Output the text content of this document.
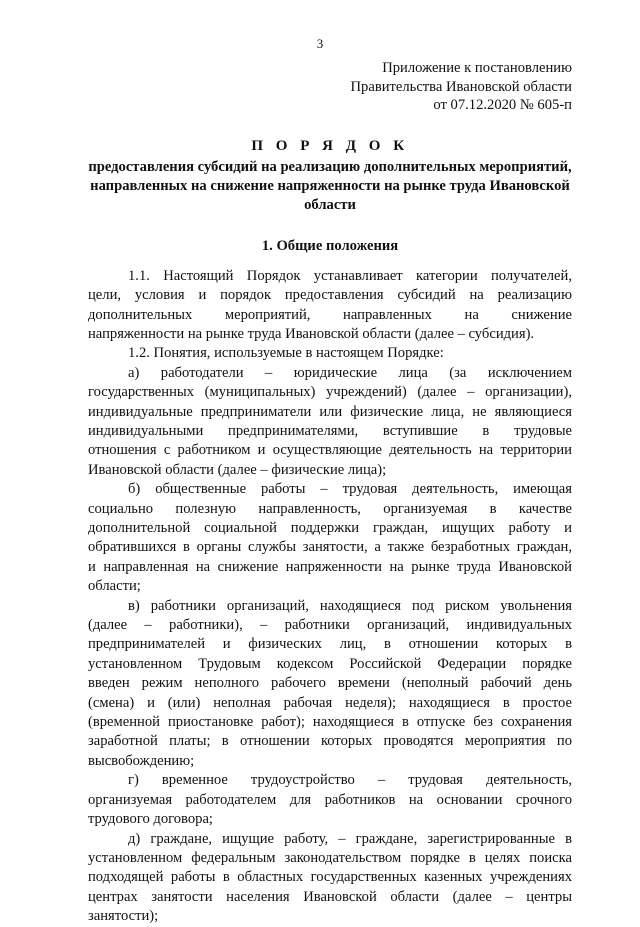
3
Приложение к постановлению
Правительства Ивановской области
от 07.12.2020 № 605-п
П О Р Я Д О К
предоставления субсидий на реализацию дополнительных мероприятий, направленных на снижение напряженности на рынке труда Ивановской области
1. Общие положения
1.1. Настоящий Порядок устанавливает категории получателей,
цели, условия и порядок предоставления субсидий на реализацию
дополнительных мероприятий, направленных на снижение
напряженности на рынке труда Ивановской области (далее – субсидия).
1.2. Понятия, используемые в настоящем Порядке:
а) работодатели – юридические лица (за исключением
государственных (муниципальных) учреждений) (далее – организации),
индивидуальные предприниматели или физические лица, не являющиеся
индивидуальными предпринимателями, вступившие в трудовые
отношения с работником и осуществляющие деятельность на территории
Ивановской области (далее – физические лица);
б) общественные работы – трудовая деятельность, имеющая
социально полезную направленность, организуемая в качестве
дополнительной социальной поддержки граждан, ищущих работу и
обратившихся в органы службы занятости, а также безработных граждан,
и направленная на снижение напряженности на рынке труда Ивановской
области;
в) работники организаций, находящиеся под риском увольнения
(далее – работники), – работники организаций, индивидуальных
предпринимателей и физических лиц, в отношении которых в
установленном Трудовым кодексом Российской Федерации порядке
введен режим неполного рабочего времени (неполный рабочий день
(смена) и (или) неполная рабочая неделя); находящиеся в простое
(временной приостановке работ); находящиеся в отпуске без сохранения
заработной платы; в отношении которых проводятся мероприятия по
высвобождению;
г) временное трудоустройство – трудовая деятельность,
организуемая работодателем для работников на основании срочного
трудового договора;
д) граждане, ищущие работу, – граждане, зарегистрированные в
установленном федеральным законодательством порядке в целях поиска
подходящей работы в областных государственных казенных учреждениях
центрах занятости населения Ивановской области (далее – центры
занятости);
